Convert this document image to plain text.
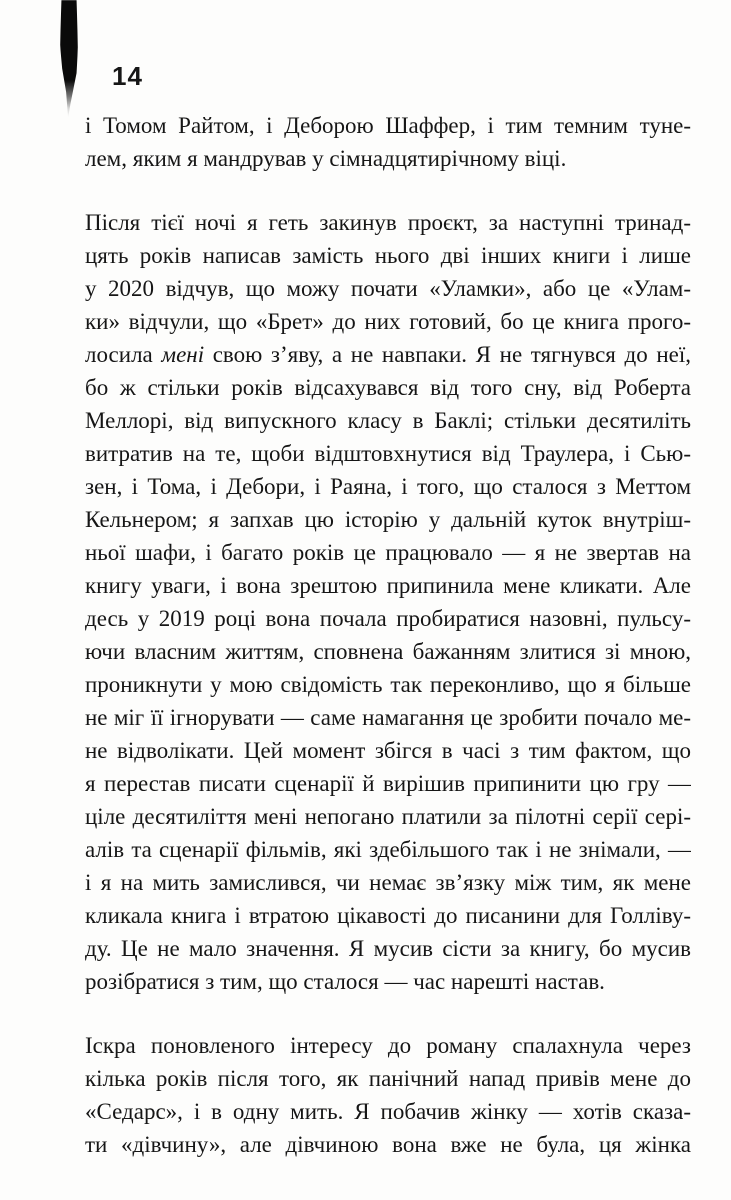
14
і Томом Райтом, і Деборою Шаффер, і тим темним туне-
лем, яким я мандрував у сімнадцятирічному віці.
Після тієї ночі я геть закинув проєкт, за наступні тринад-
цять років написав замість нього дві інших книги і лише
у 2020 відчув, що можу почати «Уламки», або це «Улам-
ки» відчули, що «Брет» до них готовий, бо це книга прого-
лосила мені свою з’яву, а не навпаки. Я не тягнувся до неї,
бо ж стільки років відсахувався від того сну, від Роберта
Меллорі, від випускного класу в Баклі; стільки десятиліть
витратив на те, щоби відштовхнутися від Траулера, і Сью-
зен, і Тома, і Дебори, і Раяна, і того, що сталося з Меттом
Кельнером; я запхав цю історію у дальній куток внутріш-
ньої шафи, і багато років це працювало — я не звертав на
книгу уваги, і вона зрештою припинила мене кликати. Але
десь у 2019 році вона почала пробиратися назовні, пульсу-
ючи власним життям, сповнена бажанням злитися зі мною,
проникнути у мою свідомість так переконливо, що я більше
не міг її ігнорувати — саме намагання це зробити почало ме-
не відволікати. Цей момент збігся в часі з тим фактом, що
я перестав писати сценарії й вирішив припинити цю гру —
ціле десятиліття мені непогано платили за пілотні серії сері-
алів та сценарії фільмів, які здебільшого так і не знімали, —
і я на мить замислився, чи немає зв’язку між тим, як мене
кликала книга і втратою цікавості до писанини для Голліву-
ду. Це не мало значення. Я мусив сісти за книгу, бо мусив
розібратися з тим, що сталося — час нарешті настав.
Іскра поновленого інтересу до роману спалахнула через
кілька років після того, як панічний напад привів мене до
«Седарс», і в одну мить. Я побачив жінку — хотів сказа-
ти «дівчину», але дівчиною вона вже не була, ця жінка
